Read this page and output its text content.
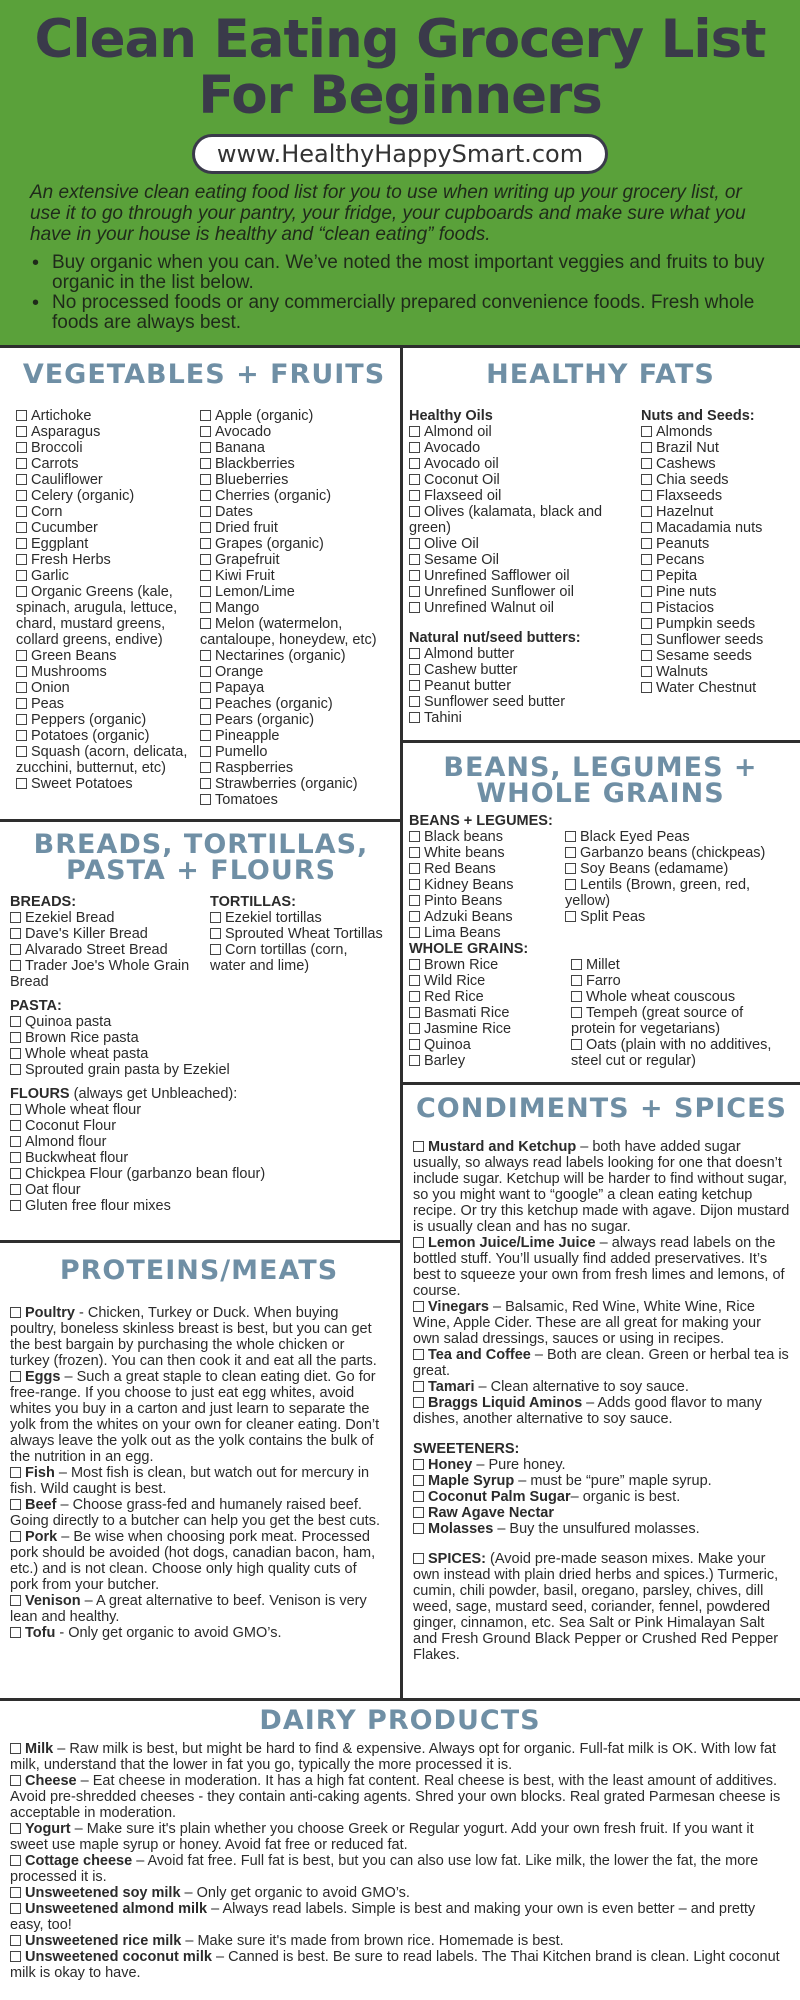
Clean Eating Grocery List
For Beginners
www.HealthyHappySmart.com
An extensive clean eating food list for you to use when writing up your grocery list, or use it to go through your pantry, your fridge, your cupboards and make sure what you have in your house is healthy and “clean eating” foods.
• Buy organic when you can. We’ve noted the most important veggies and fruits to buy organic in the list below.
• No processed foods or any commercially prepared convenience foods. Fresh whole foods are always best.
VEGETABLES + FRUITS
Artichoke
Asparagus
Broccoli
Carrots
Cauliflower
Celery (organic)
Corn
Cucumber
Eggplant
Fresh Herbs
Garlic
Organic Greens (kale, spinach, arugula, lettuce, chard, mustard greens, collard greens, endive)
Green Beans
Mushrooms
Onion
Peas
Peppers (organic)
Potatoes (organic)
Squash (acorn, delicata, zucchini, butternut, etc)
Sweet Potatoes
Apple (organic)
Avocado
Banana
Blackberries
Blueberries
Cherries (organic)
Dates
Dried fruit
Grapes (organic)
Grapefruit
Kiwi Fruit
Lemon/Lime
Mango
Melon (watermelon, cantaloupe, honeydew, etc)
Nectarines (organic)
Orange
Papaya
Peaches (organic)
Pears (organic)
Pineapple
Pumello
Raspberries
Strawberries (organic)
Tomatoes
HEALTHY FATS
Healthy Oils
Almond oil
Avocado
Avocado oil
Coconut Oil
Flaxseed oil
Olives (kalamata, black and green)
Olive Oil
Sesame Oil
Unrefined Safflower oil
Unrefined Sunflower oil
Unrefined Walnut oil
Natural nut/seed butters:
Almond butter
Cashew butter
Peanut butter
Sunflower seed butter
Tahini
Nuts and Seeds:
Almonds
Brazil Nut
Cashews
Chia seeds
Flaxseeds
Hazelnut
Macadamia nuts
Peanuts
Pecans
Pepita
Pine nuts
Pistacios
Pumpkin seeds
Sunflower seeds
Sesame seeds
Walnuts
Water Chestnut
BREADS, TORTILLAS,
PASTA + FLOURS
BREADS:
Ezekiel Bread
Dave's Killer Bread
Alvarado Street Bread
Trader Joe's Whole Grain Bread
TORTILLAS:
Ezekiel tortillas
Sprouted Wheat Tortillas
Corn tortillas (corn, water and lime)
PASTA:
Quinoa pasta
Brown Rice pasta
Whole wheat pasta
Sprouted grain pasta by Ezekiel
FLOURS (always get Unbleached):
Whole wheat flour
Coconut Flour
Almond flour
Buckwheat flour
Chickpea Flour (garbanzo bean flour)
Oat flour
Gluten free flour mixes
BEANS, LEGUMES +
WHOLE GRAINS
BEANS + LEGUMES:
Black beans
White beans
Red Beans
Kidney Beans
Pinto Beans
Adzuki Beans
Lima Beans
Black Eyed Peas
Garbanzo beans (chickpeas)
Soy Beans (edamame)
Lentils (Brown, green, red, yellow)
Split Peas
WHOLE GRAINS:
Brown Rice
Wild Rice
Red Rice
Basmati Rice
Jasmine Rice
Quinoa
Barley
Millet
Farro
Whole wheat couscous
Tempeh (great source of protein for vegetarians)
Oats (plain with no additives, steel cut or regular)
PROTEINS/MEATS
Poultry - Chicken, Turkey or Duck. When buying poultry, boneless skinless breast is best, but you can get the best bargain by purchasing the whole chicken or turkey (frozen). You can then cook it and eat all the parts.
Eggs – Such a great staple to clean eating diet. Go for free-range. If you choose to just eat egg whites, avoid whites you buy in a carton and just learn to separate the yolk from the whites on your own for cleaner eating. Don’t always leave the yolk out as the yolk contains the bulk of the nutrition in an egg.
Fish – Most fish is clean, but watch out for mercury in fish. Wild caught is best.
Beef – Choose grass-fed and humanely raised beef. Going directly to a butcher can help you get the best cuts.
Pork – Be wise when choosing pork meat. Processed pork should be avoided (hot dogs, canadian bacon, ham, etc.) and is not clean. Choose only high quality cuts of pork from your butcher.
Venison – A great alternative to beef. Venison is very lean and healthy.
Tofu - Only get organic to avoid GMO’s.
CONDIMENTS + SPICES
Mustard and Ketchup – both have added sugar usually, so always read labels looking for one that doesn’t include sugar. Ketchup will be harder to find without sugar, so you might want to “google” a clean eating ketchup recipe. Or try this ketchup made with agave. Dijon mustard is usually clean and has no sugar.
Lemon Juice/Lime Juice – always read labels on the bottled stuff. You’ll usually find added preservatives. It’s best to squeeze your own from fresh limes and lemons, of course.
Vinegars – Balsamic, Red Wine, White Wine, Rice Wine, Apple Cider. These are all great for making your own salad dressings, sauces or using in recipes.
Tea and Coffee – Both are clean. Green or herbal tea is great.
Tamari – Clean alternative to soy sauce.
Braggs Liquid Aminos – Adds good flavor to many dishes, another alternative to soy sauce.
SWEETENERS:
Honey – Pure honey.
Maple Syrup – must be “pure” maple syrup.
Coconut Palm Sugar– organic is best.
Raw Agave Nectar
Molasses – Buy the unsulfured molasses.
SPICES: (Avoid pre-made season mixes. Make your own instead with plain dried herbs and spices.) Turmeric, cumin, chili powder, basil, oregano, parsley, chives, dill weed, sage, mustard seed, coriander, fennel, powdered ginger, cinnamon, etc. Sea Salt or Pink Himalayan Salt and Fresh Ground Black Pepper or Crushed Red Pepper Flakes.
DAIRY PRODUCTS
Milk – Raw milk is best, but might be hard to find & expensive. Always opt for organic. Full-fat milk is OK. With low fat milk, understand that the lower in fat you go, typically the more processed it is.
Cheese – Eat cheese in moderation. It has a high fat content. Real cheese is best, with the least amount of additives. Avoid pre-shredded cheeses - they contain anti-caking agents. Shred your own blocks. Real grated Parmesan cheese is acceptable in moderation.
Yogurt – Make sure it's plain whether you choose Greek or Regular yogurt. Add your own fresh fruit. If you want it sweet use maple syrup or honey. Avoid fat free or reduced fat.
Cottage cheese – Avoid fat free. Full fat is best, but you can also use low fat. Like milk, the lower the fat, the more processed it is.
Unsweetened soy milk – Only get organic to avoid GMO’s.
Unsweetened almond milk – Always read labels. Simple is best and making your own is even better – and pretty easy, too!
Unsweetened rice milk – Make sure it's made from brown rice. Homemade is best.
Unsweetened coconut milk – Canned is best. Be sure to read labels. The Thai Kitchen brand is clean. Light coconut milk is okay to have.
